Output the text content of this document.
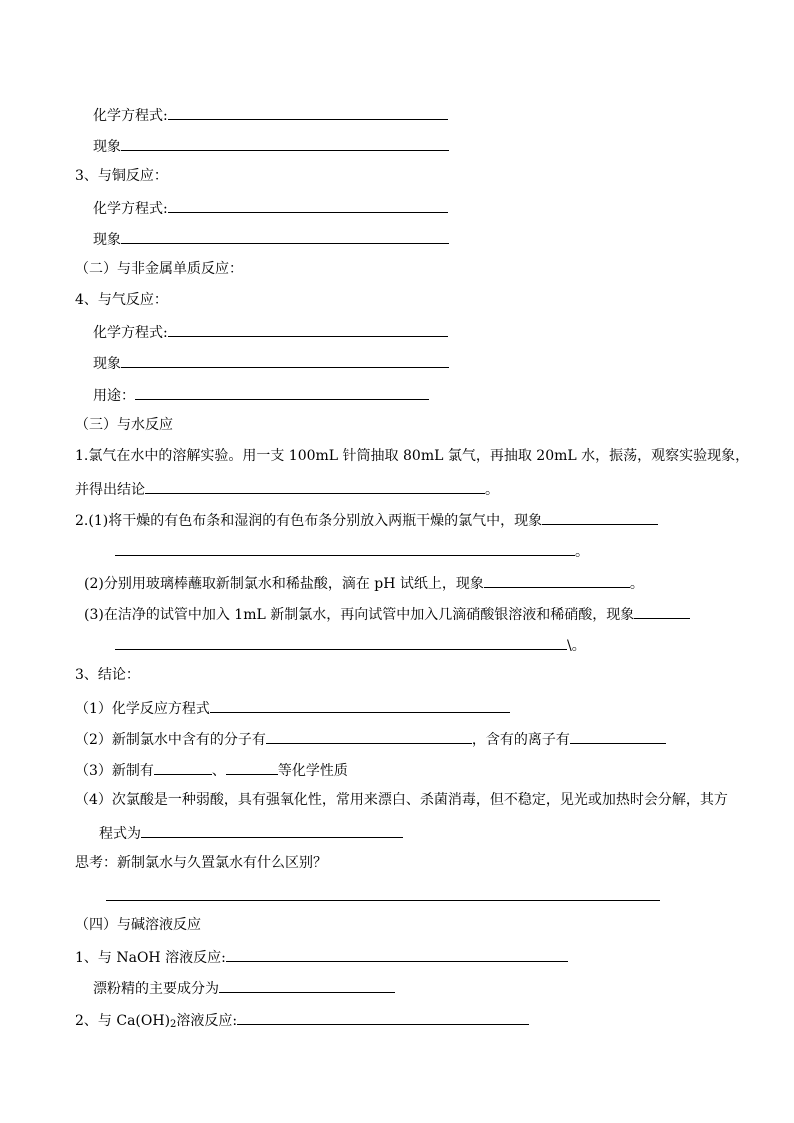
化学方程式:
现象
3、与铜反应：
化学方程式:
现象
（二）与非金属单质反应：
4、与气反应：
化学方程式:
现象
用途：
（三）与水反应
1.氯气在水中的溶解实验。用一支 100mL 针筒抽取 80mL 氯气，再抽取 20mL 水，振荡，观察实验现象，
并得出结论	。
2.(1)将干燥的有色布条和湿润的有色布条分别放入两瓶干燥的氯气中，现象
。
(2)分别用玻璃棒蘸取新制氯水和稀盐酸，滴在 pH 试纸上，现象	。
(3)在洁净的试管中加入 1mL 新制氯水，再向试管中加入几滴硝酸银溶液和稀硝酸，现象
\。
3、结论：
（1）化学反应方程式
（2）新制氯水中含有的分子有	，含有的离子有
（3）新制有	、	等化学性质
（4）次氯酸是一种弱酸，具有强氧化性，常用来漂白、杀菌消毒，但不稳定，见光或加热时会分解，其方
程式为
思考：新制氯水与久置氯水有什么区别？
（四）与碱溶液反应
1、与 NaOH 溶液反应:
漂粉精的主要成分为
2、与 $Ca(OH)_2$溶液反应:
